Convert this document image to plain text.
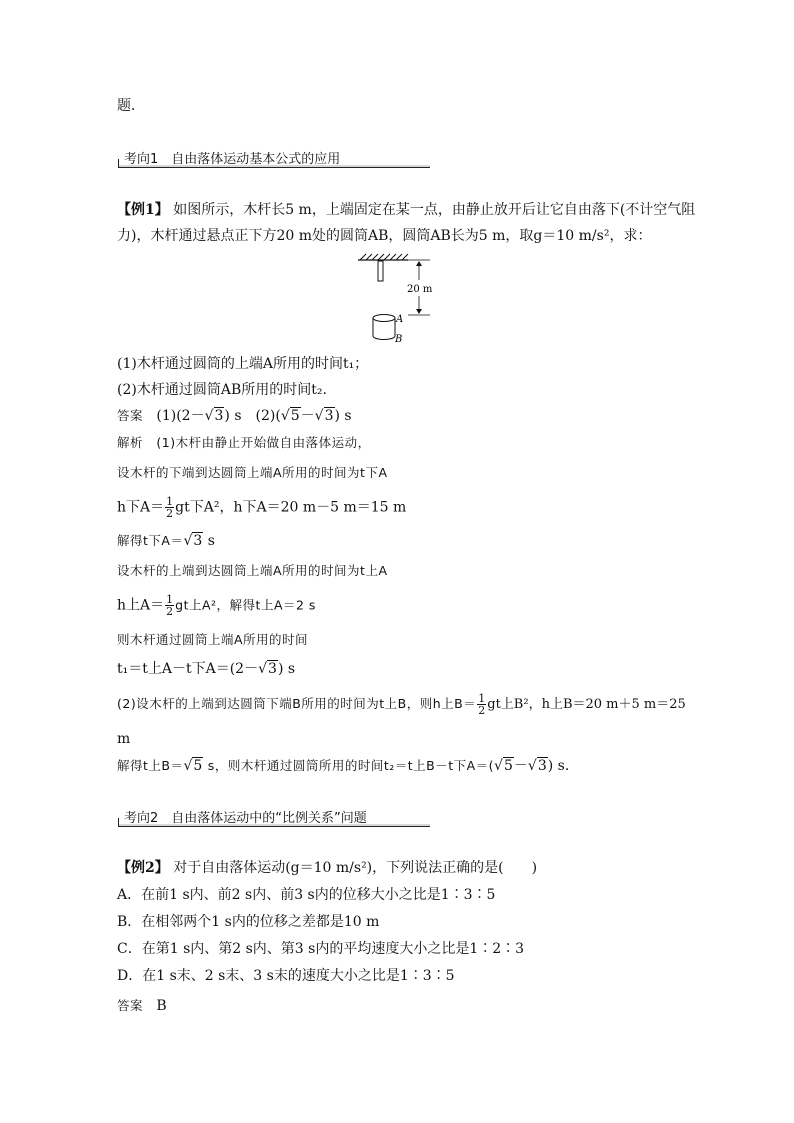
题．
考向1　自由落体运动基本公式的应用
【例1】 如图所示，木杆长5 m，上端固定在某一点，由静止放开后让它自由落下(不计空气阻
力)，木杆通过悬点正下方20 m处的圆筒AB，圆筒AB长为5 m，取g＝10 m/s²，求：
20 m
A
B
(1)木杆通过圆筒的上端A所用的时间t₁；
(2)木杆通过圆筒AB所用的时间t₂.
答案 (1)(2－√3) s　(2)(√5－√3) s
解析 (1)木杆由静止开始做自由落体运动，
设木杆的下端到达圆筒上端A所用的时间为t下A
h下$A= \frac{1}{2}$ gt下A²，h下A＝20 m－5 m＝15 m
解得t下A＝√3 s
设木杆的上端到达圆筒上端A所用的时间为t上A
h上$A= \frac{1}{2}$ gt上A²，解得t上A＝2 s
则木杆通过圆筒上端A所用的时间
t₁＝t上A－t下A＝(2－√3) s
(2)设木杆的上端到达圆筒下端B所用的时间为t上B，则h上$B= \frac{1}{2}$ gt上B²，h上B＝20 m＋5 m＝25
m
解得t上B＝√5 s，则木杆通过圆筒所用的时间t₂＝t上B－t下A＝(√5－√3) s.
考向2　自由落体运动中的“比例关系”问题
【例2】 对于自由落体运动(g＝10 m/s²)，下列说法正确的是(　　)
A．在前1 s内、前2 s内、前3 s内的位移大小之比是1∶3∶5
B．在相邻两个1 s内的位移之差都是10 m
C．在第1 s内、第2 s内、第3 s内的平均速度大小之比是1∶2∶3
D．在1 s末、2 s末、3 s末的速度大小之比是1∶3∶5
答案 B
